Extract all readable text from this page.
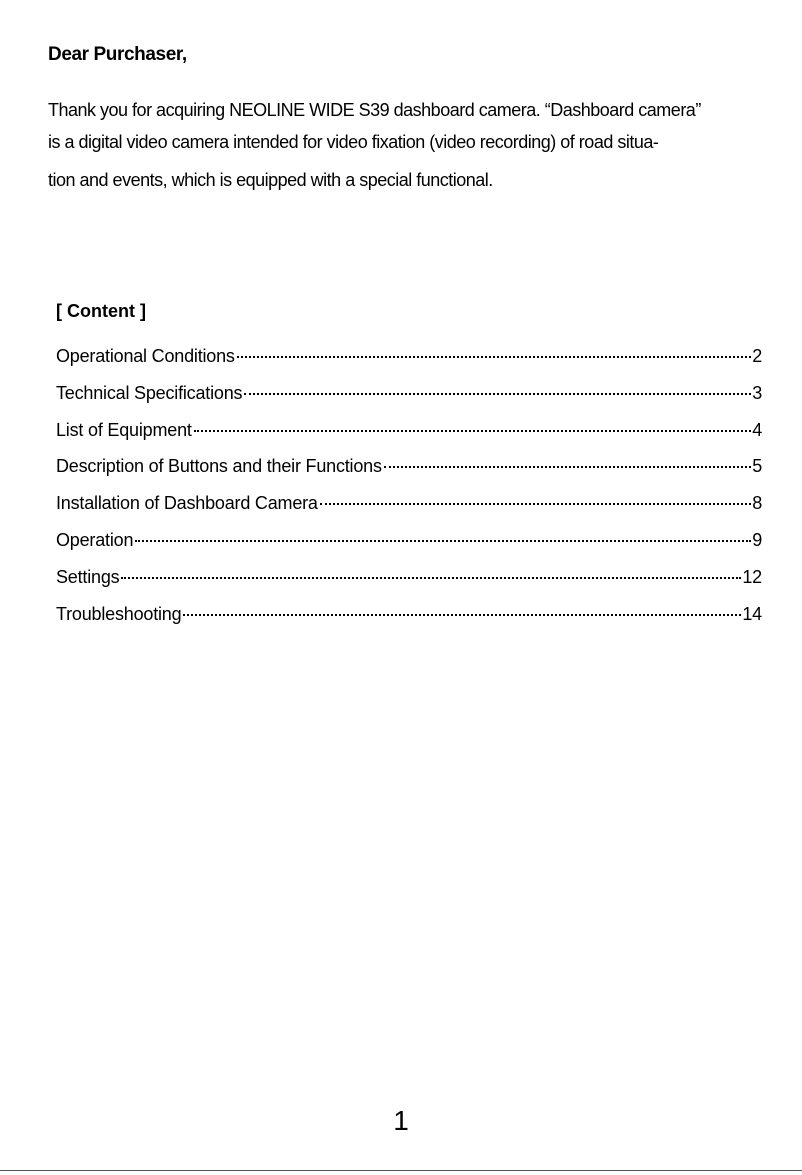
Dear Purchaser,

Thank you for acquiring NEOLINE WIDE S39 dashboard camera. “Dashboard camera”
is a digital video camera intended for video fixation (video recording) of road situa-
tion and events, which is equipped with a special functional.

[ Content ]
Operational Conditions	2
Technical Specifications	3
List of Equipment	4
Description of Buttons and their Functions	5
Installation of Dashboard Camera	8
Operation	9
Settings	12
Troubleshooting	14
1
